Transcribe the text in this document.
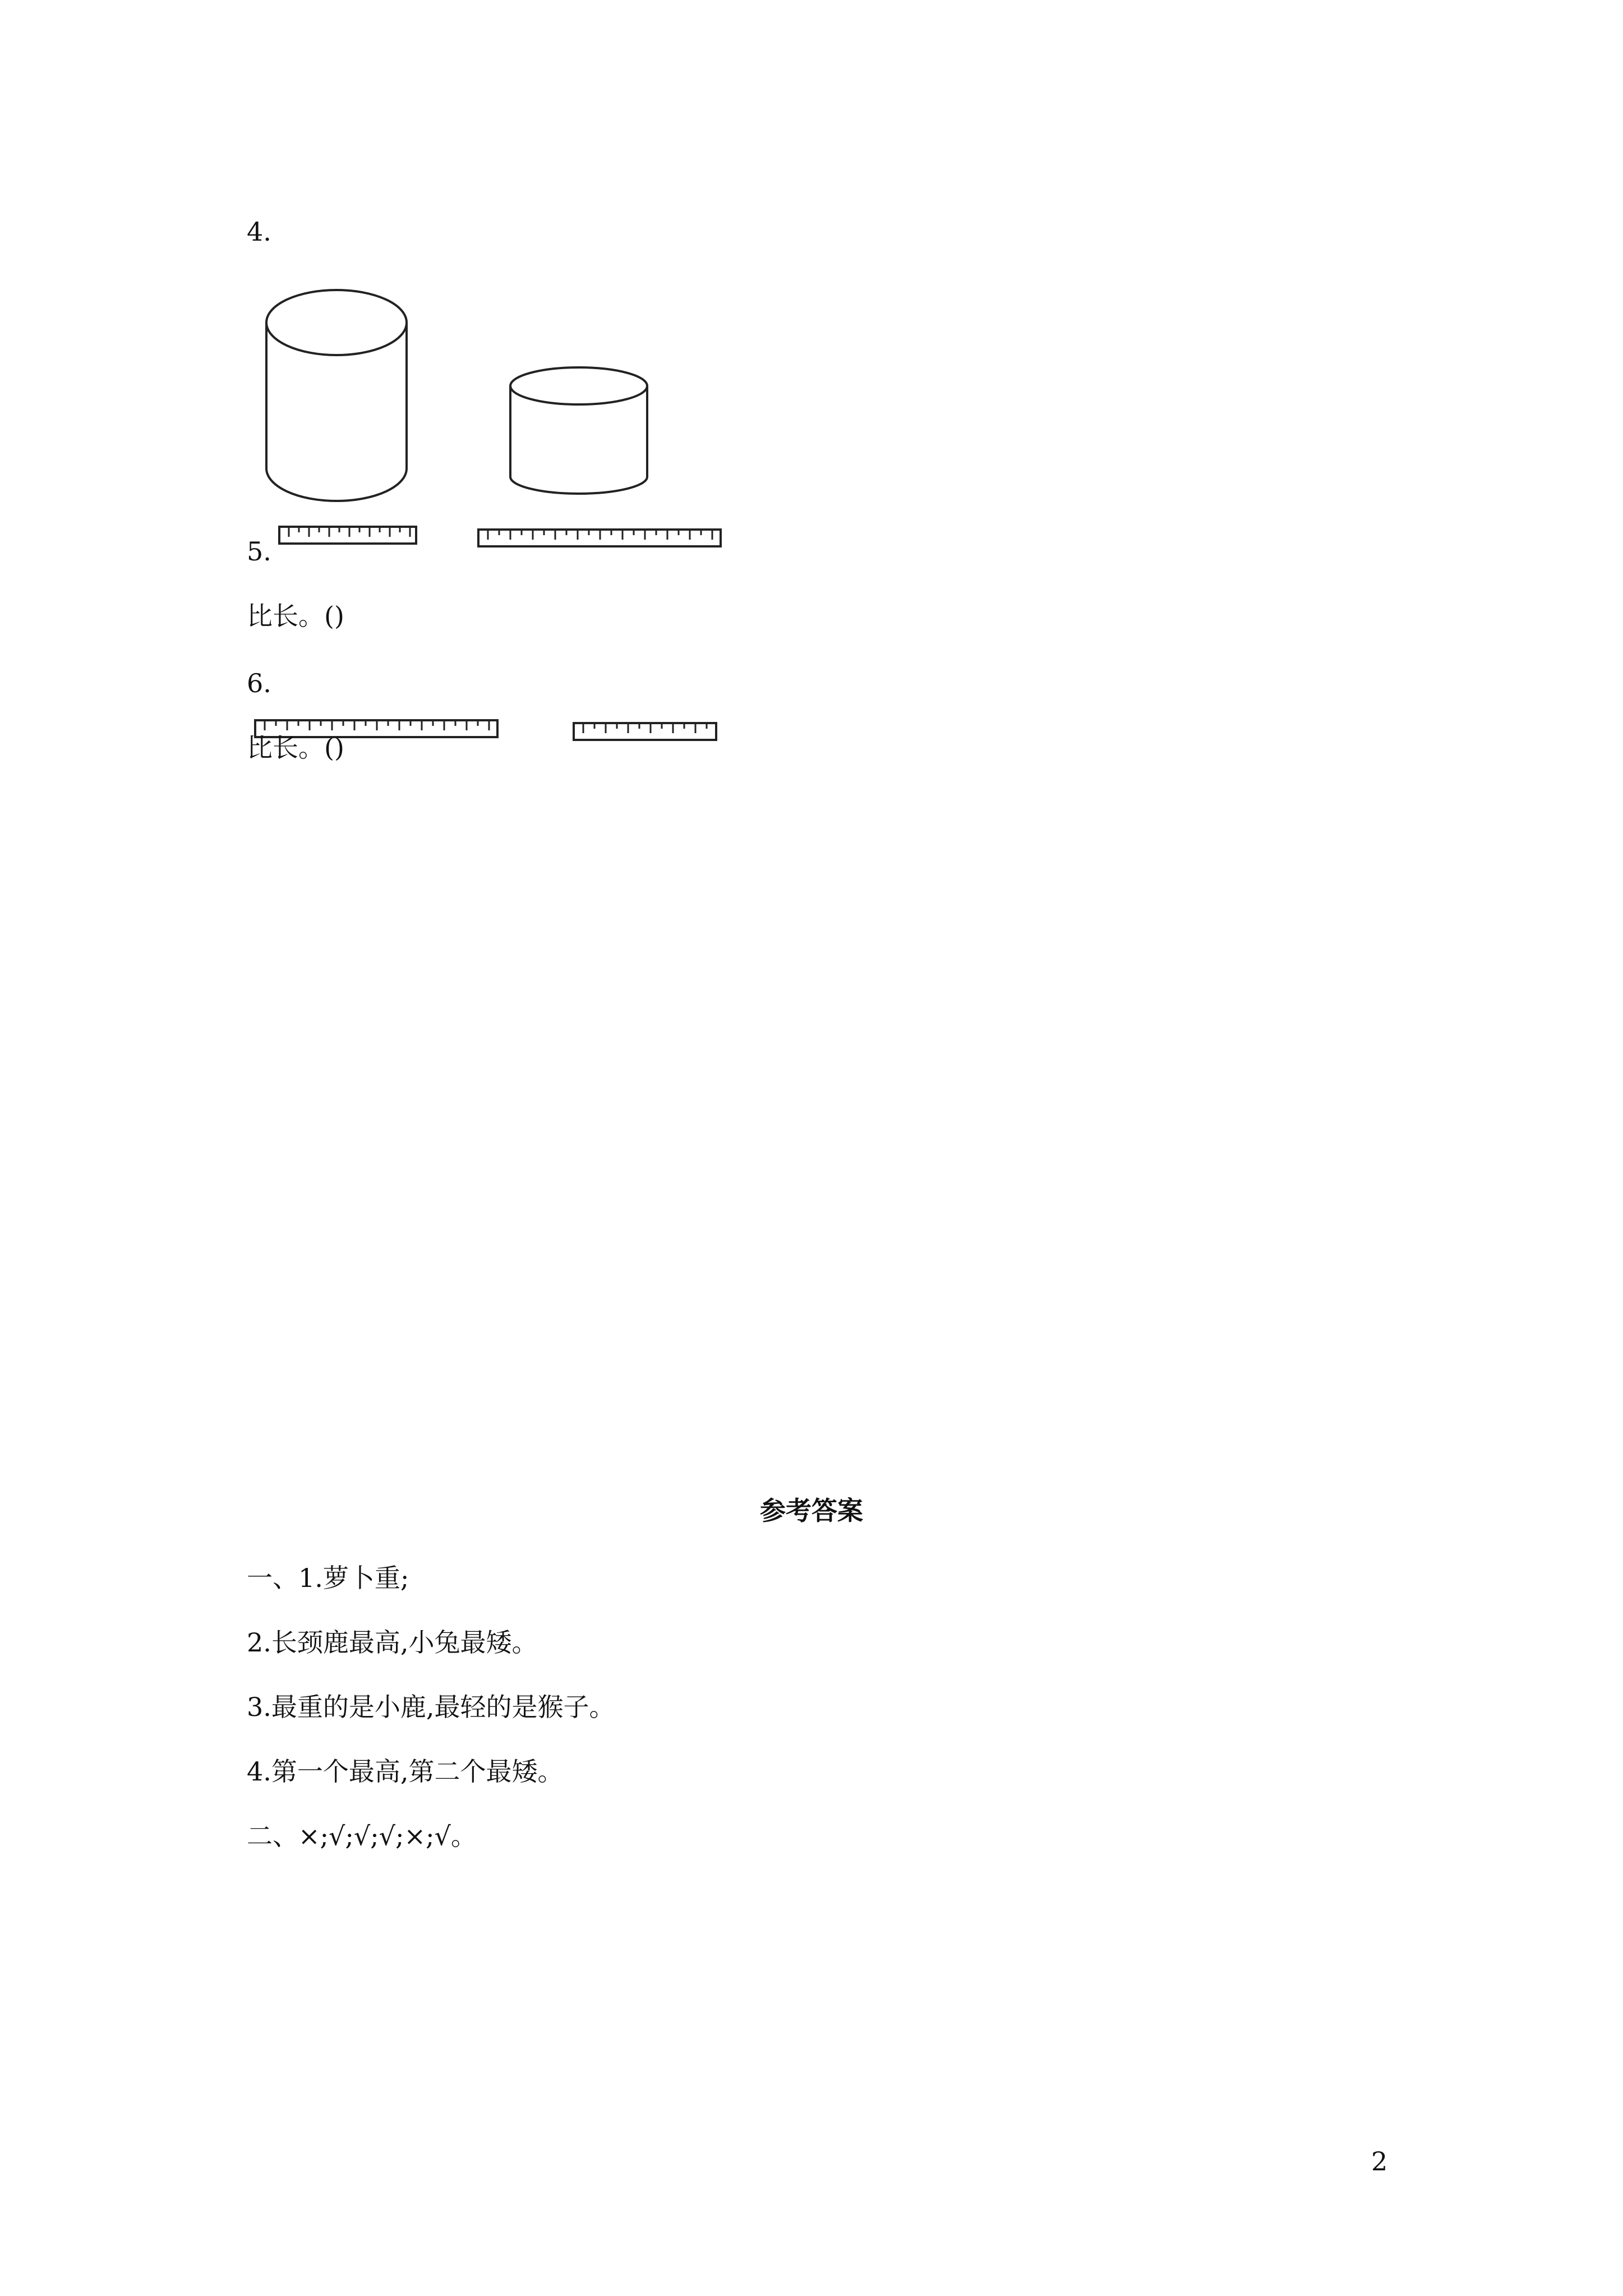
4.
5.
比长。()
6.
比长。()
参考答案
一、1.萝卜重;
2.长颈鹿最高,小兔最矮。
3.最重的是小鹿,最轻的是猴子。
4.第一个最高,第二个最矮。
二、×;√;√;√;×;√。
2
